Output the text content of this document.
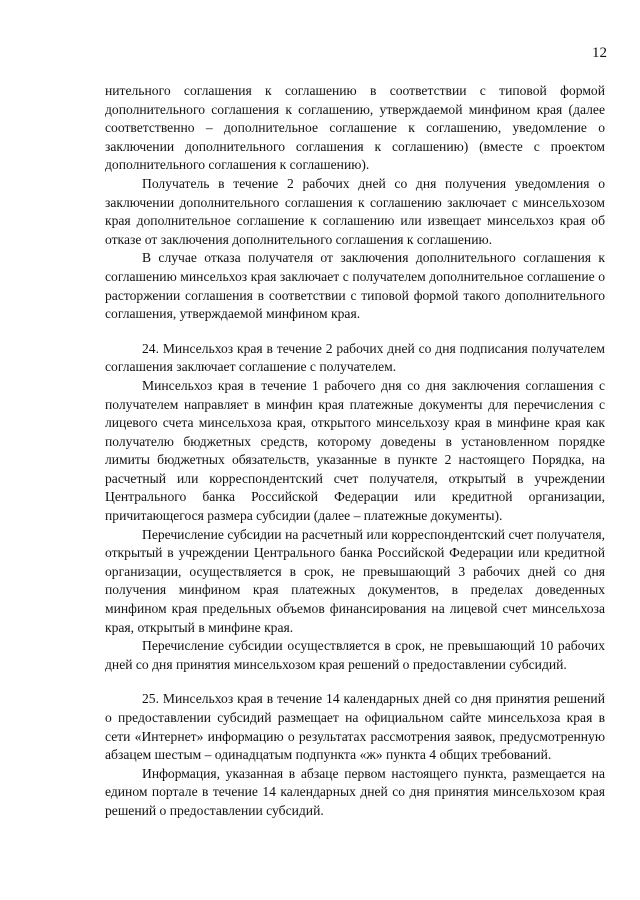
12

нительного соглашения к соглашению в соответствии с типовой формой дополнительного соглашения к соглашению, утверждаемой минфином края (далее соответственно – дополнительное соглашение к соглашению, уведомление о заключении дополнительного соглашения к соглашению) (вместе с проектом дополнительного соглашения к соглашению).

Получатель в течение 2 рабочих дней со дня получения уведомления о заключении дополнительного соглашения к соглашению заключает с минсельхозом края дополнительное соглашение к соглашению или извещает минсельхоз края об отказе от заключения дополнительного соглашения к соглашению.

В случае отказа получателя от заключения дополнительного соглашения к соглашению минсельхоз края заключает с получателем дополнительное соглашение о расторжении соглашения в соответствии с типовой формой такого дополнительного соглашения, утверждаемой минфином края.

24. Минсельхоз края в течение 2 рабочих дней со дня подписания получателем соглашения заключает соглашение с получателем.

Минсельхоз края в течение 1 рабочего дня со дня заключения соглашения с получателем направляет в минфин края платежные документы для перечисления с лицевого счета минсельхоза края, открытого минсельхозу края в минфине края как получателю бюджетных средств, которому доведены в установленном порядке лимиты бюджетных обязательств, указанные в пункте 2 настоящего Порядка, на расчетный или корреспондентский счет получателя, открытый в учреждении Центрального банка Российской Федерации или кредитной организации, причитающегося размера субсидии (далее – платежные документы).

Перечисление субсидии на расчетный или корреспондентский счет получателя, открытый в учреждении Центрального банка Российской Федерации или кредитной организации, осуществляется в срок, не превышающий 3 рабочих дней со дня получения минфином края платежных документов, в пределах доведенных минфином края предельных объемов финансирования на лицевой счет минсельхоза края, открытый в минфине края.

Перечисление субсидии осуществляется в срок, не превышающий 10 рабочих дней со дня принятия минсельхозом края решений о предоставлении субсидий.

25. Минсельхоз края в течение 14 календарных дней со дня принятия решений о предоставлении субсидий размещает на официальном сайте минсельхоза края в сети «Интернет» информацию о результатах рассмотрения заявок, предусмотренную абзацем шестым – одинадцатым подпункта «ж» пункта 4 общих требований.

Информация, указанная в абзаце первом настоящего пункта, размещается на едином портале в течение 14 календарных дней со дня принятия минсельхозом края решений о предоставлении субсидий.
